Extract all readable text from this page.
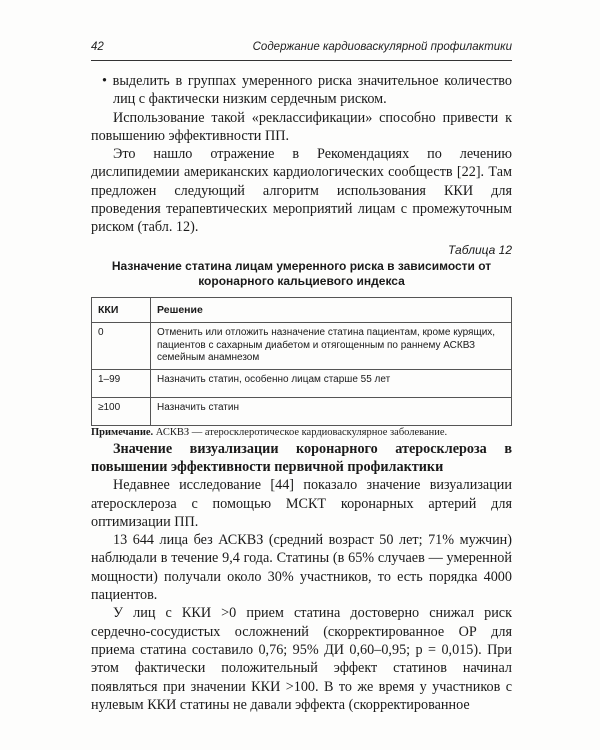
42	Содержание кардиоваскулярной профилактики

• выделить в группах умеренного риска значительное количество лиц с фактически низким сердечным риском.

Использование такой «реклассификации» способно привести к повышению эффективности ПП.

Это нашло отражение в Рекомендациях по лечению дислипидемии американских кардиологических сообществ [22]. Там предложен следующий алгоритм использования ККИ для проведения терапевтических мероприятий лицам с промежуточным риском (табл. 12).

Таблица 12
Назначение статина лицам умеренного риска в зависимости от коронарного кальциевого индекса
ККИ	Решение
0	Отменить или отложить назначение статина пациентам, кроме курящих, пациентов с сахарным диабетом и отягощенным по раннему АСКВЗ семейным анамнезом
1–99	Назначить статин, особенно лицам старше 55 лет
≥100	Назначить статин

Примечание. АСКВЗ — атеросклеротическое кардиоваскулярное заболевание.

Значение визуализации коронарного атеросклероза в повышении эффективности первичной профилактики

Недавнее исследование [44] показало значение визуализации атеросклероза с помощью МСКТ коронарных артерий для оптимизации ПП.

13 644 лица без АСКВЗ (средний возраст 50 лет; 71% мужчин) наблюдали в течение 9,4 года. Статины (в 65% случаев — умеренной мощности) получали около 30% участников, то есть порядка 4000 пациентов.

У лиц с ККИ >0 прием статина достоверно снижал риск сердечно-сосудистых осложнений (скорректированное ОР для приема статина составило 0,76; 95% ДИ 0,60–0,95; р = 0,015). При этом фактически положительный эффект статинов начинал появляться при значении ККИ >100. В то же время у участников с нулевым ККИ статины не давали эффекта (скорректированное
